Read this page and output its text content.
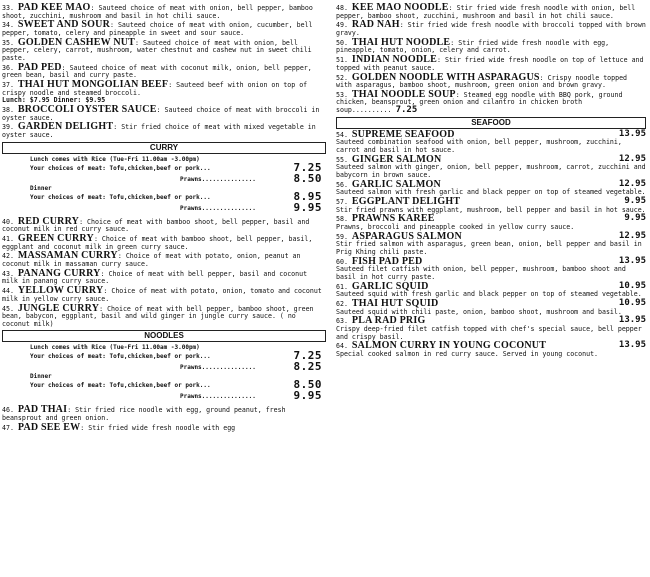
33. PAD KEE MAO: Sauteed choice of meat with onion, bell pepper, bamboo shoot, zucchini, mushroom and basil in hot chili sauce.
34. SWEET AND SOUR: Sauteed choice of meat with onion, cucumber, bell pepper, tomato, celery and pineapple in sweet and sour sauce.
35. GOLDEN CASHEW NUT: Sauteed choice of meat with onion, bell pepper, celery, carrot, mushroom, water chestnut and cashew nut in sweet chili paste.
36. PAD PED: Sauteed choice of meat with coconut milk, onion, bell pepper, green bean, basil and curry paste.
37. THAI HUT MONGOLIAN BEEF: Sauteed beef with onion on top of crispy noodle and steamed broccoli.
Lunch: $7.95 Dinner: $9.95
38. BROCCOLI OYSTER SAUCE: Sauteed choice of meat with broccoli in oyster sauce.
39. GARDEN DELIGHT: Stir fried choice of meat with mixed vegetable in oyster sauce.
CURRY
Lunch comes with Rice (Tue-Fri 11.00am -3.00pm)
Your choices of meat: Tofu,chicken,beef or pork...	7.25
Prawns...............	8.50
Dinner
Your choices of meat: Tofu,chicken,beef or pork...	8.95
Prawns...............	9.95
40. RED CURRY: Choice of meat with bamboo shoot, bell pepper, basil and coconut milk in red curry sauce.
41. GREEN CURRY: Choice of meat with bamboo shoot, bell pepper, basil, eggplant and coconut milk in green curry sauce.
42. MASSAMAN CURRY: Choice of meat with potato, onion, peanut an coconut milk in massaman curry sauce.
43. PANANG CURRY: Choice of meat with bell pepper, basil and coconut milk in panang curry sauce.
44. YELLOW CURRY: Choice of meat with potato, onion, tomato and coconut milk in yellow curry sauce.
45. JUNGLE CURRY: Choice of meat with bell pepper, bamboo shoot, green bean, babycon, eggplant, basil and wild ginger in jungle curry sauce. ( no coconut milk)
NOODLES
Lunch comes with Rice (Tue-Fri 11.00am -3.00pm)
Your choices of meat: Tofu,chicken,beef or pork...	7.25
Prawns...............	8.25
Dinner
Your choices of meat: Tofu,chicken,beef or pork...	8.50
Prawns...............	9.95
46. PAD THAI: Stir fried rice noodle with egg, ground peanut, fresh beansprout and green onion.
47. PAD SEE EW: Stir fried wide fresh noodle with egg
48. KEE MAO NOODLE: Stir fried wide fresh noodle with onion, bell pepper, bamboo shoot, zucchini, mushroom and basil in hot chili sauce.
49. RAD NAH: Stir fried wide fresh noodle with broccoli topped with brown gravy.
50. THAI HUT NOODLE: Stir fried wide fresh noodle with egg, pineapple, tomato, onion, celery and carrot.
51. INDIAN NOODLE: Stir fried wide fresh noodle on top of lettuce and topped with peanut sauce.
52. GOLDEN NOODLE WITH ASPARAGUS: Crispy noodle topped with asparagus, bamboo shoot, mushroom, green onion and brown gravy.
53. THAI NOODLE SOUP: Steamed egg noodle with BBQ pork, ground chicken, beansprout, green onion and cilantro in chicken broth soup.......... 7.25
SEAFOOD
54. SUPREME SEAFOOD	13.95

Sauteed combination seafood with onion, bell pepper, mushroom, zucchini, carrot and basil in hot sauce.
55. GINGER SALMON	12.95

Sauteed salmon with ginger, onion, bell pepper, mushroom, carrot, zucchini and babycorn in brown sauce.
56. GARLIC SALMON	12.95

Sauteed salmon with fresh garlic and black pepper on top of steamed vegetable.
57. EGGPLANT DELIGHT	9.95

Stir fried prawns with eggplant, mushroom, bell pepper and basil in hot sauce.
58. PRAWNS KAREE	9.95

Prawns, broccoli and pineapple cooked in yellow curry sauce.
59. ASPARAGUS SALMON	12.95

Stir fried salmon with asparagus, green bean, onion, bell pepper and basil in Prig Khing chili paste.
60. FISH PAD PED	13.95

Sauteed filet catfish with onion, bell pepper, mushroom, bamboo shoot and basil in hot curry paste.
61. GARLIC SQUID	10.95

Sauteed squid with fresh garlic and black pepper on top of steamed vegetable.
62. THAI HUT SQUID	10.95

Sauteed squid with chili paste, onion, bamboo shoot, mushroom and basil.
63. PLA RAD PRIG	13.95

Crispy deep-fried filet catfish topped with chef's special sauce, bell pepper and crispy basil.
64. SALMON CURRY IN YOUNG COCONUT	13.95

Special cooked salmon in red curry sauce. Served in young coconut.
